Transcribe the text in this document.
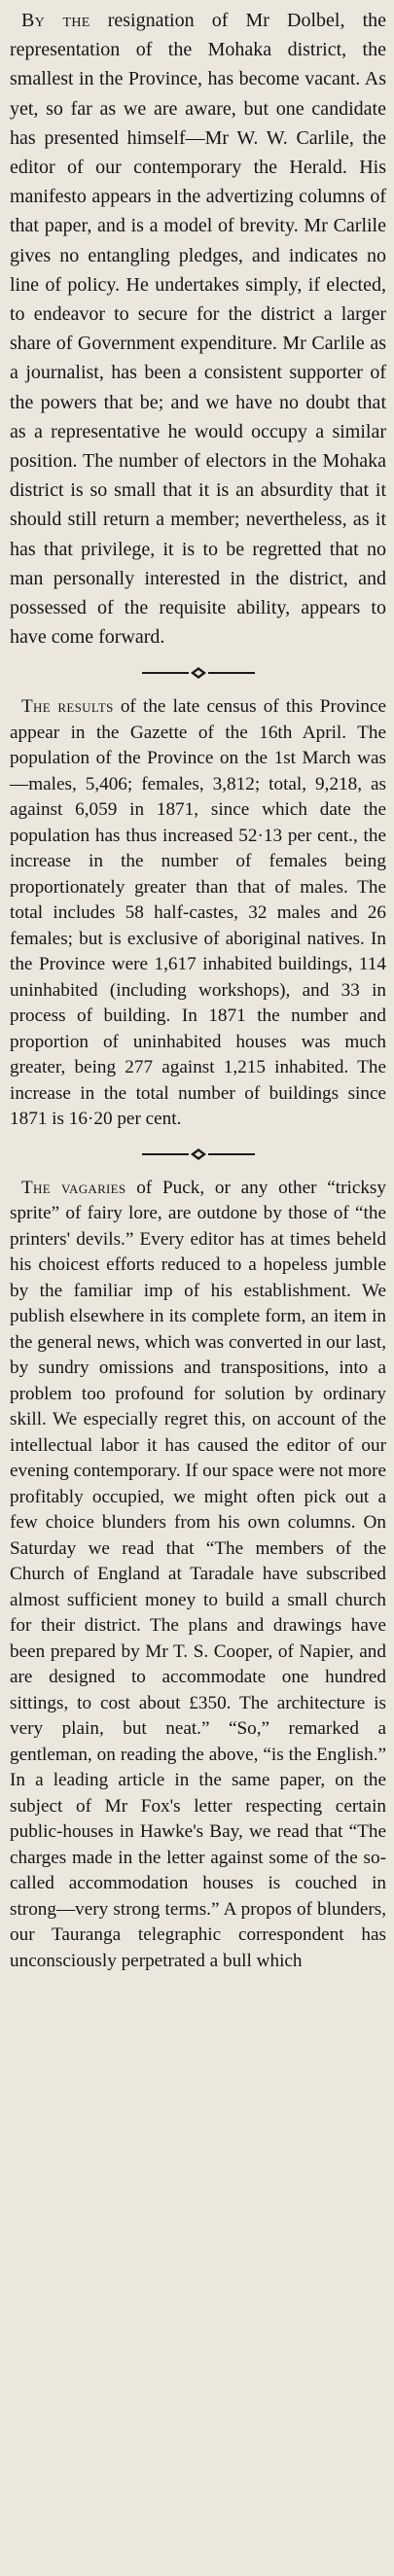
By the resignation of Mr Dolbel, the representation of the Mohaka district, the smallest in the Province, has become vacant. As yet, so far as we are aware, but one candidate has presented himself—Mr W. W. Carlile, the editor of our contemporary the Herald. His manifesto appears in the advertizing columns of that paper, and is a model of brevity. Mr Carlile gives no entangling pledges, and indicates no line of policy. He undertakes simply, if elected, to endeavor to secure for the district a larger share of Government expenditure. Mr Carlile as a journalist, has been a consistent supporter of the powers that be; and we have no doubt that as a representative he would occupy a similar position. The number of electors in the Mohaka district is so small that it is an absurdity that it should still return a member; nevertheless, as it has that privilege, it is to be regretted that no man personally interested in the district, and possessed of the requisite ability, appears to have come forward.

The results of the late census of this Province appear in the Gazette of the 16th April. The population of the Province on the 1st March was—males, 5,406; females, 3,812; total, 9,218, as against 6,059 in 1871, since which date the population has thus increased 52·13 per cent., the increase in the number of females being proportionately greater than that of males. The total includes 58 half-castes, 32 males and 26 females; but is exclusive of aboriginal natives. In the Province were 1,617 inhabited buildings, 114 uninhabited (including workshops), and 33 in process of building. In 1871 the number and proportion of uninhabited houses was much greater, being 277 against 1,215 inhabited. The increase in the total number of buildings since 1871 is 16·20 per cent.

The vagaries of Puck, or any other “tricksy sprite” of fairy lore, are outdone by those of “the printers' devils.” Every editor has at times beheld his choicest efforts reduced to a hopeless jumble by the familiar imp of his establishment. We publish elsewhere in its complete form, an item in the general news, which was converted in our last, by sundry omissions and transpositions, into a problem too profound for solution by ordinary skill. We especially regret this, on account of the intellectual labor it has caused the editor of our evening contemporary. If our space were not more profitably occupied, we might often pick out a few choice blunders from his own columns. On Saturday we read that “The members of the Church of England at Taradale have subscribed almost sufficient money to build a small church for their district. The plans and drawings have been prepared by Mr T. S. Cooper, of Napier, and are designed to accommodate one hundred sittings, to cost about £350. The architecture is very plain, but neat.” “So,” remarked a gentleman, on reading the above, “is the English.” In a leading article in the same paper, on the subject of Mr Fox's letter respecting certain public-houses in Hawke's Bay, we read that “The charges made in the letter against some of the so-called accommodation houses is couched in strong—very strong terms.” A propos of blunders, our Tauranga telegraphic correspondent has unconsciously perpetrated a bull which
